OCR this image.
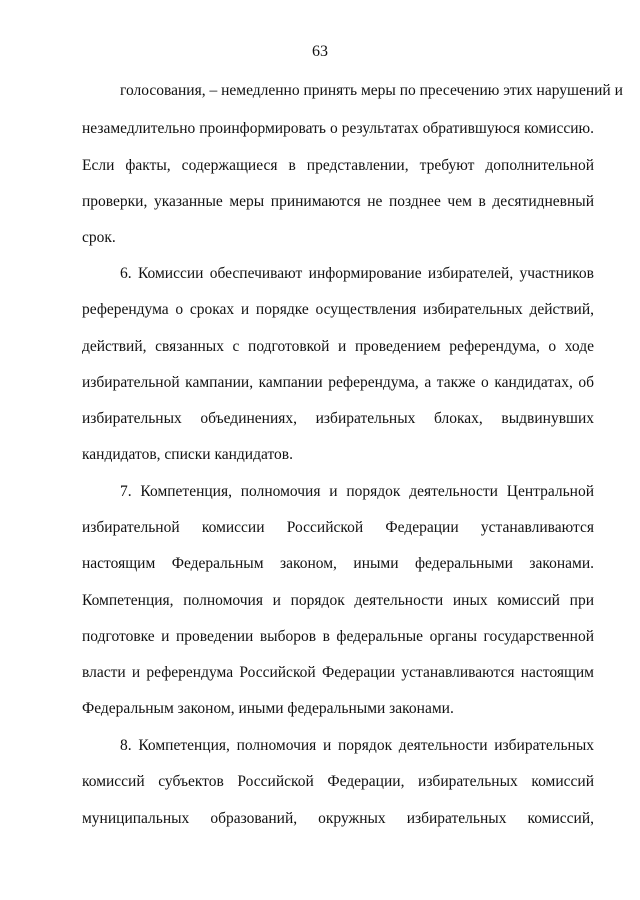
63
голосования, – немедленно принять меры по пресечению этих нарушений и
незамедлительно проинформировать о результатах обратившуюся комиссию.
Если факты, содержащиеся в представлении, требуют дополнительной
проверки, указанные меры принимаются не позднее чем в десятидневный
срок.
6. Комиссии обеспечивают информирование избирателей, участников
референдума о сроках и порядке осуществления избирательных действий,
действий, связанных с подготовкой и проведением референдума, о ходе
избирательной кампании, кампании референдума, а также о кандидатах, об
избирательных объединениях, избирательных блоках, выдвинувших
кандидатов, списки кандидатов.
7. Компетенция, полномочия и порядок деятельности Центральной
избирательной комиссии Российской Федерации устанавливаются
настоящим Федеральным законом, иными федеральными законами.
Компетенция, полномочия и порядок деятельности иных комиссий при
подготовке и проведении выборов в федеральные органы государственной
власти и референдума Российской Федерации устанавливаются настоящим
Федеральным законом, иными федеральными законами.
8. Компетенция, полномочия и порядок деятельности избирательных
комиссий субъектов Российской Федерации, избирательных комиссий
муниципальных образований, окружных избирательных комиссий,
